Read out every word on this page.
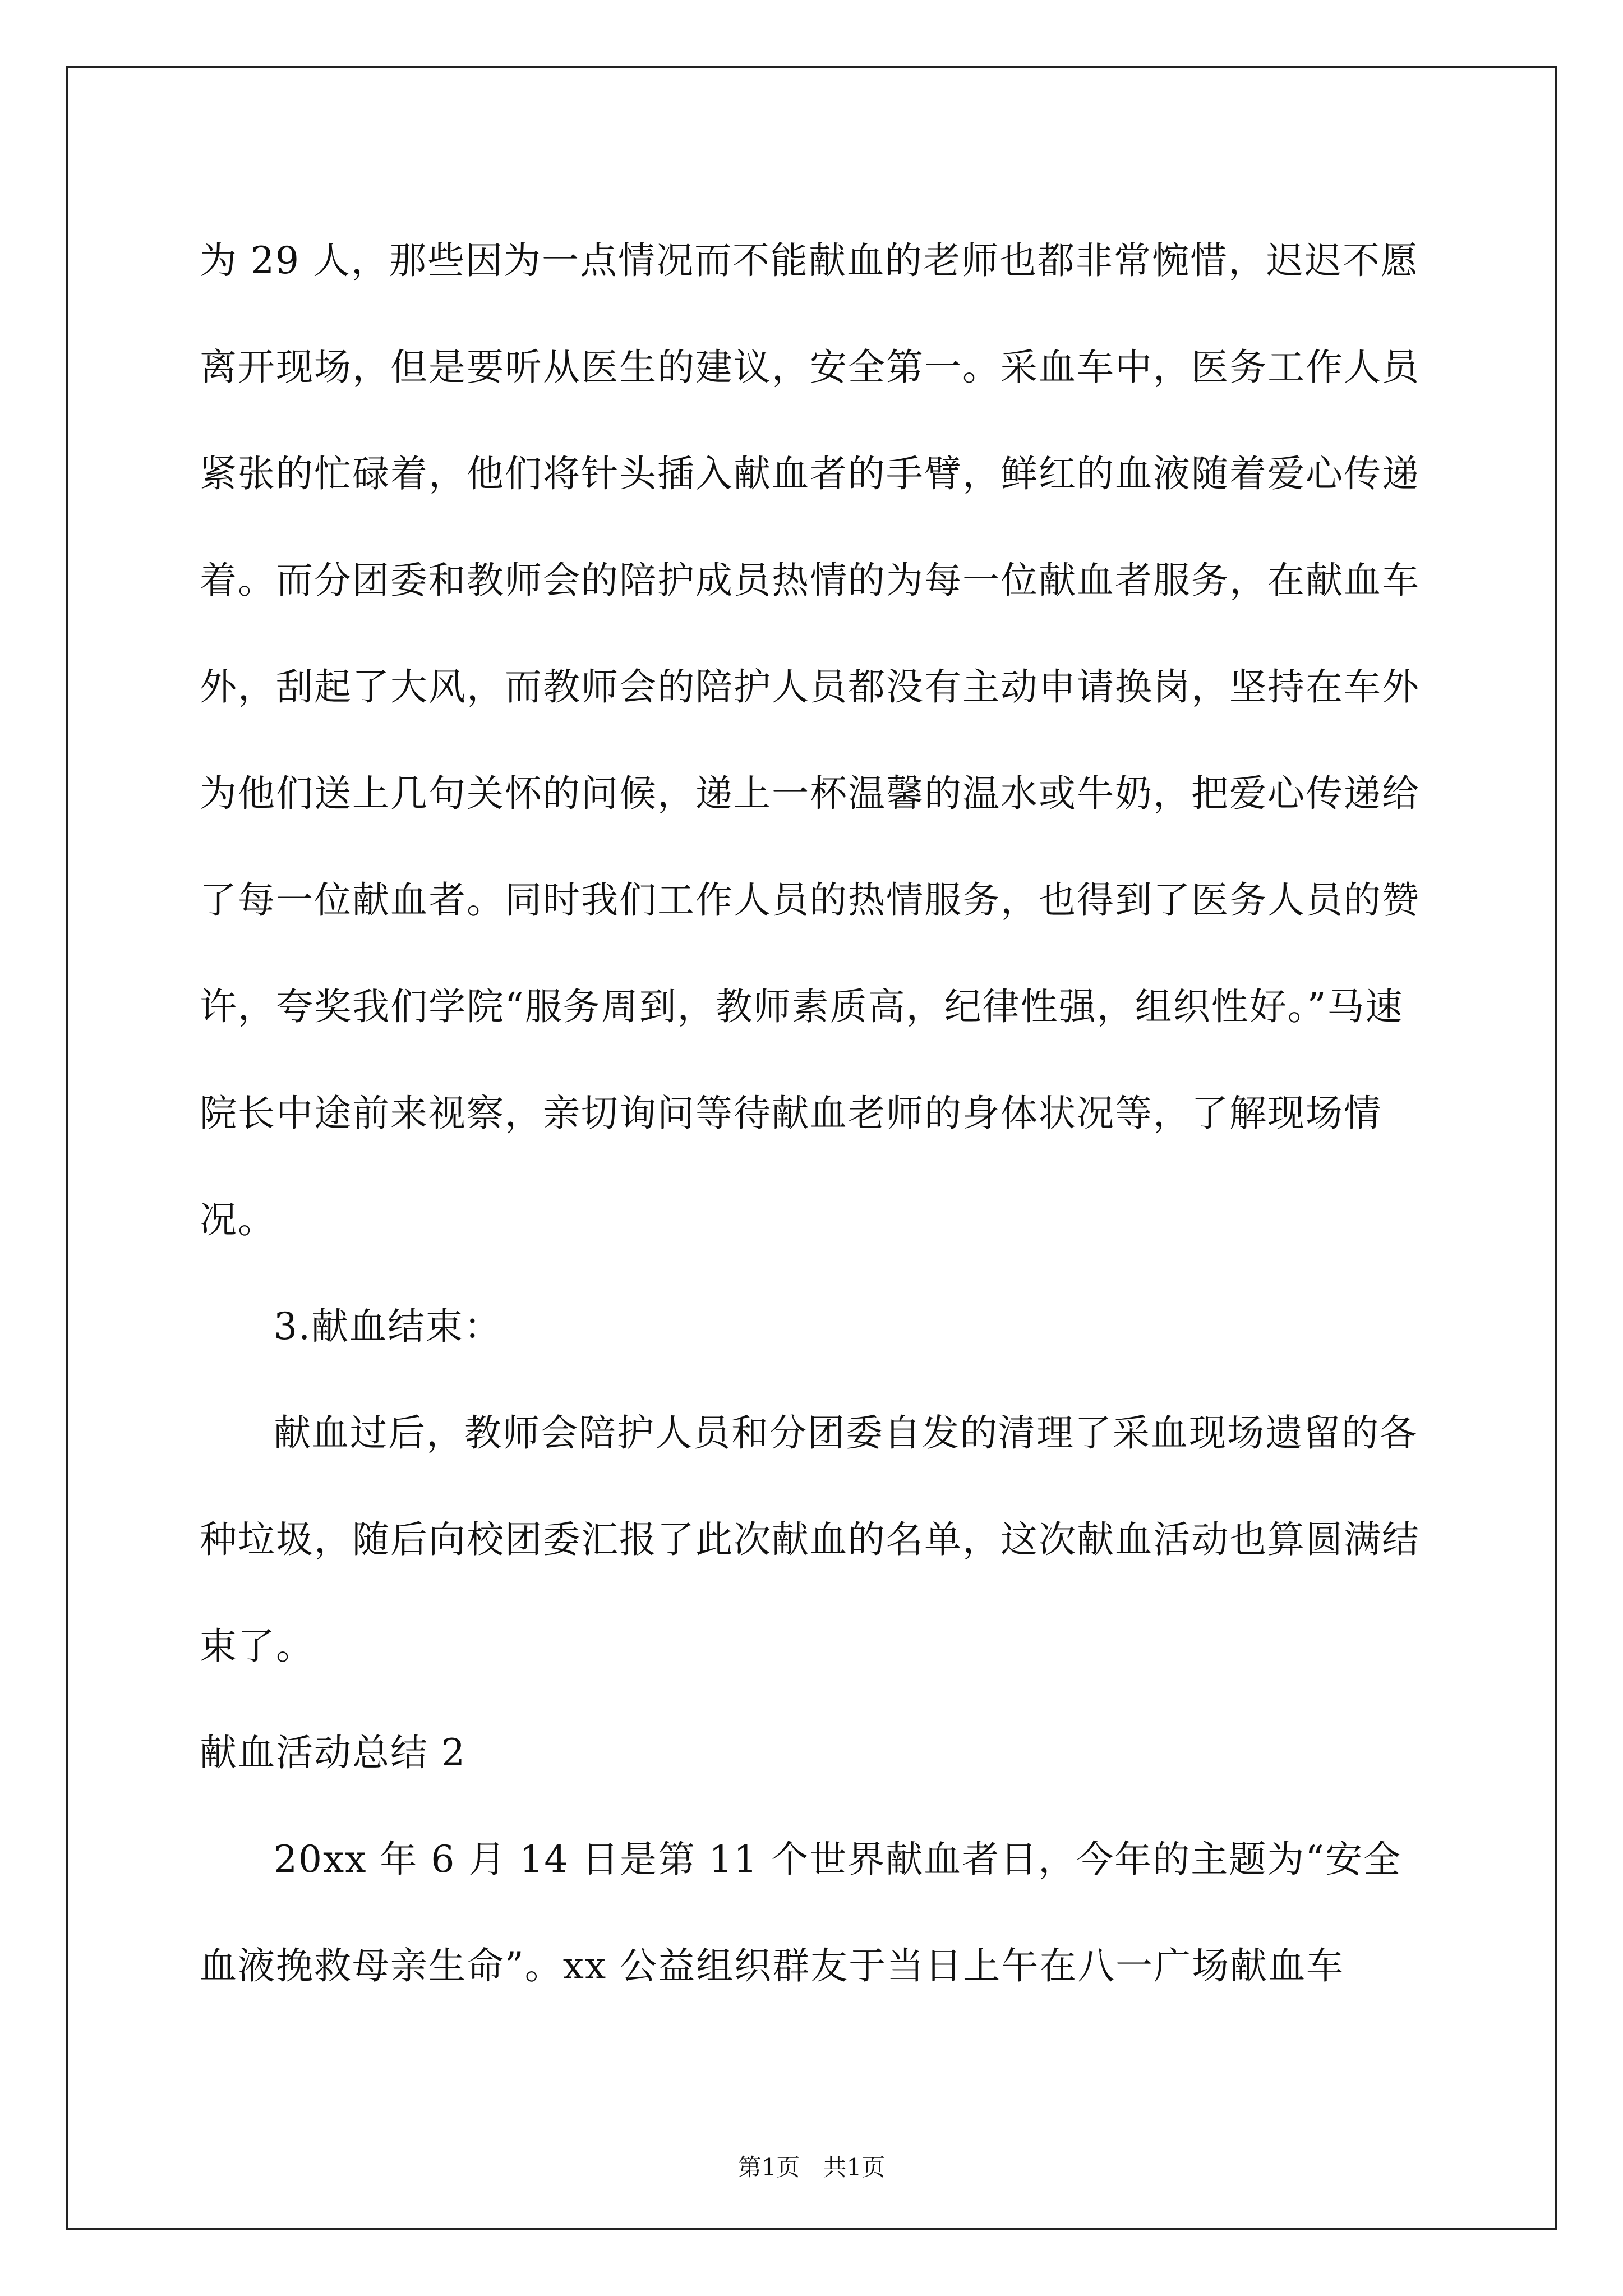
为 29 人，那些因为一点情况而不能献血的老师也都非常惋惜，迟迟不愿离开现场，但是要听从医生的建议，安全第一。采血车中，医务工作人员紧张的忙碌着，他们将针头插入献血者的手臂，鲜红的血液随着爱心传递着。而分团委和教师会的陪护成员热情的为每一位献血者服务，在献血车外，刮起了大风，而教师会的陪护人员都没有主动申请换岗，坚持在车外为他们送上几句关怀的问候，递上一杯温馨的温水或牛奶，把爱心传递给了每一位献血者。同时我们工作人员的热情服务，也得到了医务人员的赞许，夸奖我们学院“服务周到，教师素质高，纪律性强，组织性好。”马速院长中途前来视察，亲切询问等待献血老师的身体状况等，了解现场情况。

3.献血结束：

献血过后，教师会陪护人员和分团委自发的清理了采血现场遗留的各种垃圾，随后向校团委汇报了此次献血的名单，这次献血活动也算圆满结束了。

献血活动总结 2

20xx 年 6 月 14 日是第 11 个世界献血者日，今年的主题为“安全血液挽救母亲生命”。xx 公益组织群友于当日上午在八一广场献血车

第1页 共1页
